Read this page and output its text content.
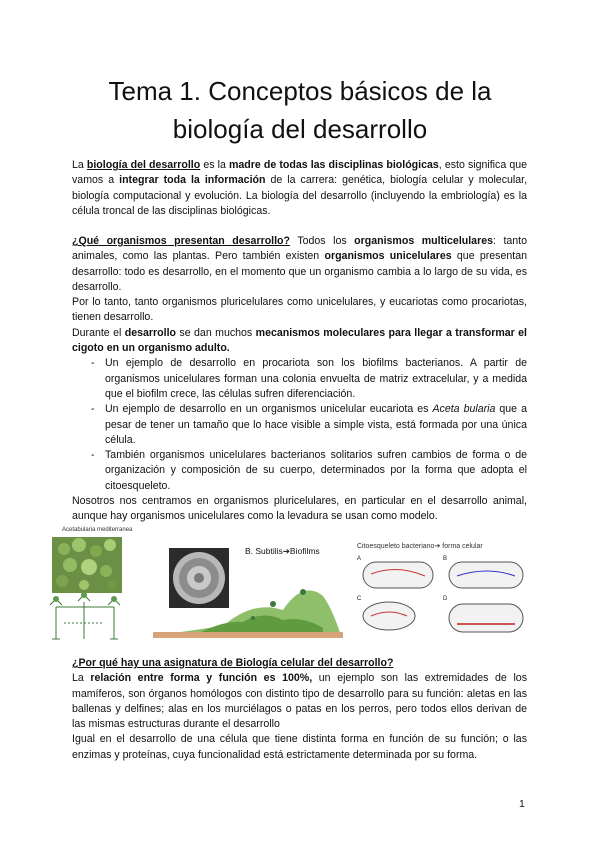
Tema 1. Conceptos básicos de la
biología del desarrollo

La biología del desarrollo es la madre de todas las disciplinas biológicas, esto significa que vamos a integrar toda la información de la carrera: genética, biología celular y molecular, biología computacional y evolución. La biología del desarrollo (incluyendo la embriología) es la célula troncal de las disciplinas biológicas.

¿Qué organismos presentan desarrollo? Todos los organismos multicelulares: tanto animales, como las plantas. Pero también existen organismos unicelulares que presentan desarrollo: todo es desarrollo, en el momento que un organismo cambia a lo largo de su vida, es desarrollo.

Por lo tanto, tanto organismos pluricelulares como unicelulares, y eucariotas como procariotas, tienen desarrollo.

Durante el desarrollo se dan muchos mecanismos moleculares para llegar a transformar el cigoto en un organismo adulto.

- Un ejemplo de desarrollo en procariota son los biofilms bacterianos. A partir de organismos unicelulares forman una colonia envuelta de matriz extracelular, y a medida que el biofilm crece, las células sufren diferenciación.
- Un ejemplo de desarrollo en un organismos unicelular eucariota es Aceta bularia que a pesar de tener un tamaño que lo hace visible a simple vista, está formada por una única célula.
- También organismos unicelulares bacterianos solitarios sufren cambios de forma o de organización y composición de su cuerpo, determinados por la forma que adopta el citoesqueleto.

Nosotros nos centramos en organismos pluricelulares, en particular en el desarrollo animal, aunque hay organismos unicelulares como la levadura se usan como modelo.

Acetabularia mediterranea
B. Subtilis➔Biofilms	Citoesqueleto bacteriano➔ forma celular
A	B
C	D

¿Por qué hay una asignatura de Biología celular del desarrollo?

La relación entre forma y función es 100%, un ejemplo son las extremidades de los mamíferos, son órganos homólogos con distinto tipo de desarrollo para su función: aletas en las ballenas y delfines; alas en los murciélagos o patas en los perros, pero todos ellos derivan de las mismas estructuras durante el desarrollo

Igual en el desarrollo de una célula que tiene distinta forma en función de su función; o las enzimas y proteínas, cuya funcionalidad está estrictamente determinada por su forma.

1
